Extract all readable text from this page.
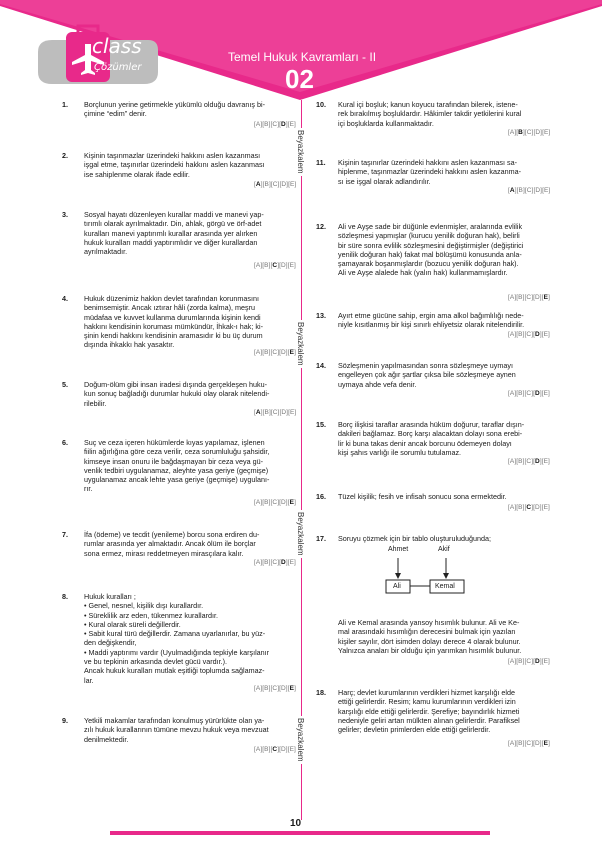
class
Çözümler
Temel Hukuk Kavramları - II
02
Beyazkalem
Beyazkalem
Beyazkalem
Beyazkalem
1. Borçlunun yerine getirmekle yükümlü olduğu davranış bi-

çimine “edim” denir.

[A][B][C][D][E]
2. Kişinin taşınmazlar üzerindeki hakkını aslen kazanması

işgal etme, taşınırlar üzerindeki hakkını aslen kazanması

ise sahiplenme olarak ifade edilir.

[A][B][C][D][E]
3. Sosyal hayatı düzenleyen kurallar maddi ve manevi yap-

tırımlı olarak ayrılmaktadır. Din, ahlak, görgü ve örf-adet

kuralları manevi yaptırımlı kurallar arasında yer alırken

hukuk kuralları maddi yaptırımlıdır ve diğer kurallardan

ayrılmaktadır.

[A][B][C][D][E]
4. Hukuk düzenimiz hakkın devlet tarafından korunmasını

benimsemiştir. Ancak ıztırar hâli (zorda kalma), meşru

müdafaa ve kuvvet kullanma durumlarında kişinin kendi

hakkını kendisinin koruması mümkündür, İhkak-ı hak; ki-

şinin kendi hakkını kendisinin aramasıdır ki bu üç durum

dışında ihkakkı hak yasaktır.

[A][B][C][D][E]
5. Doğum-ölüm gibi insan iradesi dışında gerçekleşen huku-

kun sonuç bağladığı durumlar hukuki olay olarak nitelendi-

rilebilir.

[A][B][C][D][E]
6. Suç ve ceza içeren hükümlerde kıyas yapılamaz, işlenen

fiilin ağırlığına göre ceza verilir, ceza sorumluluğu şahsidir,

kimseye insan onuru ile bağdaşmayan bir ceza veya gü-

venlik tedbiri uygulanamaz, aleyhte yasa geriye (geçmişe)

uygulanamaz ancak lehte yasa geriye (geçmişe) uygulanı-

rır.

[A][B][C][D][E]
7. İfa (ödeme) ve tecdit (yenileme) borcu sona erdiren du-

rumlar arasında yer almaktadır. Ancak ölüm ile borçlar

sona ermez, mirası reddetmeyen mirasçılara kalır.

[A][B][C][D][E]
8. Hukuk kuralları ;

• Genel, nesnel, kişilik dışı kurallardır.

• Süreklilik arz eden, tükenmez kurallardır.

• Kural olarak süreli değillerdir.

• Sabit kural türü değillerdir. Zamana uyarlanırlar, bu yüz-

den değişkendir,

• Maddi yaptırımı vardır (Uyulmadığında tepkiyle karşılanır

ve bu tepkinin arkasında devlet gücü vardır.).

Ancak hukuk kuralları mutlak eşitliği toplumda sağlamaz-

lar.

[A][B][C][D][E]
9. Yetkili makamlar tarafından konulmuş yürürlükte olan ya-

zılı hukuk kurallarının tümüne mevzu hukuk veya mevzuat

denilmektedir.

[A][B][C][D][E]
10. Kural içi boşluk; kanun koyucu tarafından bilerek, istene-

rek bırakılmış boşluklardır. Hâkimler takdir yetkilerini kural

içi boşluklarda kullanmaktadır.

[A][B][C][D][E]
11. Kişinin taşınırlar üzerindeki hakkını aslen kazanması sa-

hiplenme, taşınmazlar üzerindeki hakkını aslen kazanma-

sı ise işgal olarak adlandırılır.

[A][B][C][D][E]
12. Ali ve Ayşe sade bir düğünle evlenmişler, aralarında evlilik

sözleşmesi yapmışlar (kurucu yenilik doğuran hak), belirli

bir süre sonra evlilik sözleşmesini değiştirmişler (değiştirici

yenilik doğuran hak) fakat mal bölüşümü konusunda anla-

şamayarak boşanmışlardır (bozucu yenilik doğuran hak).

Ali ve Ayşe alalede hak (yalın hak) kullanmamışlardır.

[A][B][C][D][E]
13. Ayırt etme gücüne sahip, ergin ama alkol bağımlılığı nede-

niyle kısıtlanmış bir kişi sınırlı ehliyetsiz olarak nitelendirilir.

[A][B][C][D][E]
14. Sözleşmenin yapılmasından sonra sözleşmeye uymayı

engelleyen çok ağır şartlar çıksa bile sözleşmeye aynen

uymaya ahde vefa denir.

[A][B][C][D][E]
15. Borç ilişkisi taraflar arasında hüküm doğurur, taraflar dışın-

dakileri bağlamaz. Borç karşı alacaktan dolayı sona erebi-

lir ki buna takas denir ancak borcunu ödemeyen dolayı

kişi şahıs varlığı ile sorumlu tutulamaz.

[A][B][C][D][E]
16. Tüzel kişilik; fesih ve infisah sonucu sona ermektedir.

[A][B][C][D][E]
17. Soruyu çözmek için bir tablo oluşturuluduğunda;

Ali ve Kemal arasında yansoy hısımlık bulunur. Ali ve Ke-

mal arasındaki hısımlığın derecesini bulmak için yazılan

kişiler sayılır, dört isimden dolayı derece 4 olarak bulunur.

Yalnızca anaları bir olduğu için yarımkan hısımlık bulunur.

[A][B][C][D][E]
18. Harç; devlet kurumlarının verdikleri hizmet karşılığı elde

ettiği gelirlerdir. Resim; kamu kurumlarının verdikleri izin

karşılığı elde ettiği gelirlerdir. Şerefiye; bayındırlık hizmeti

nedeniyle geliri artan mülkten alınan gelirlerdir. Parafiksel

gelirler; devletin primlerden elde ettiği gelirlerdir.

[A][B][C][D][E]
Ahmet	Akif
Ali	Kemal
10
